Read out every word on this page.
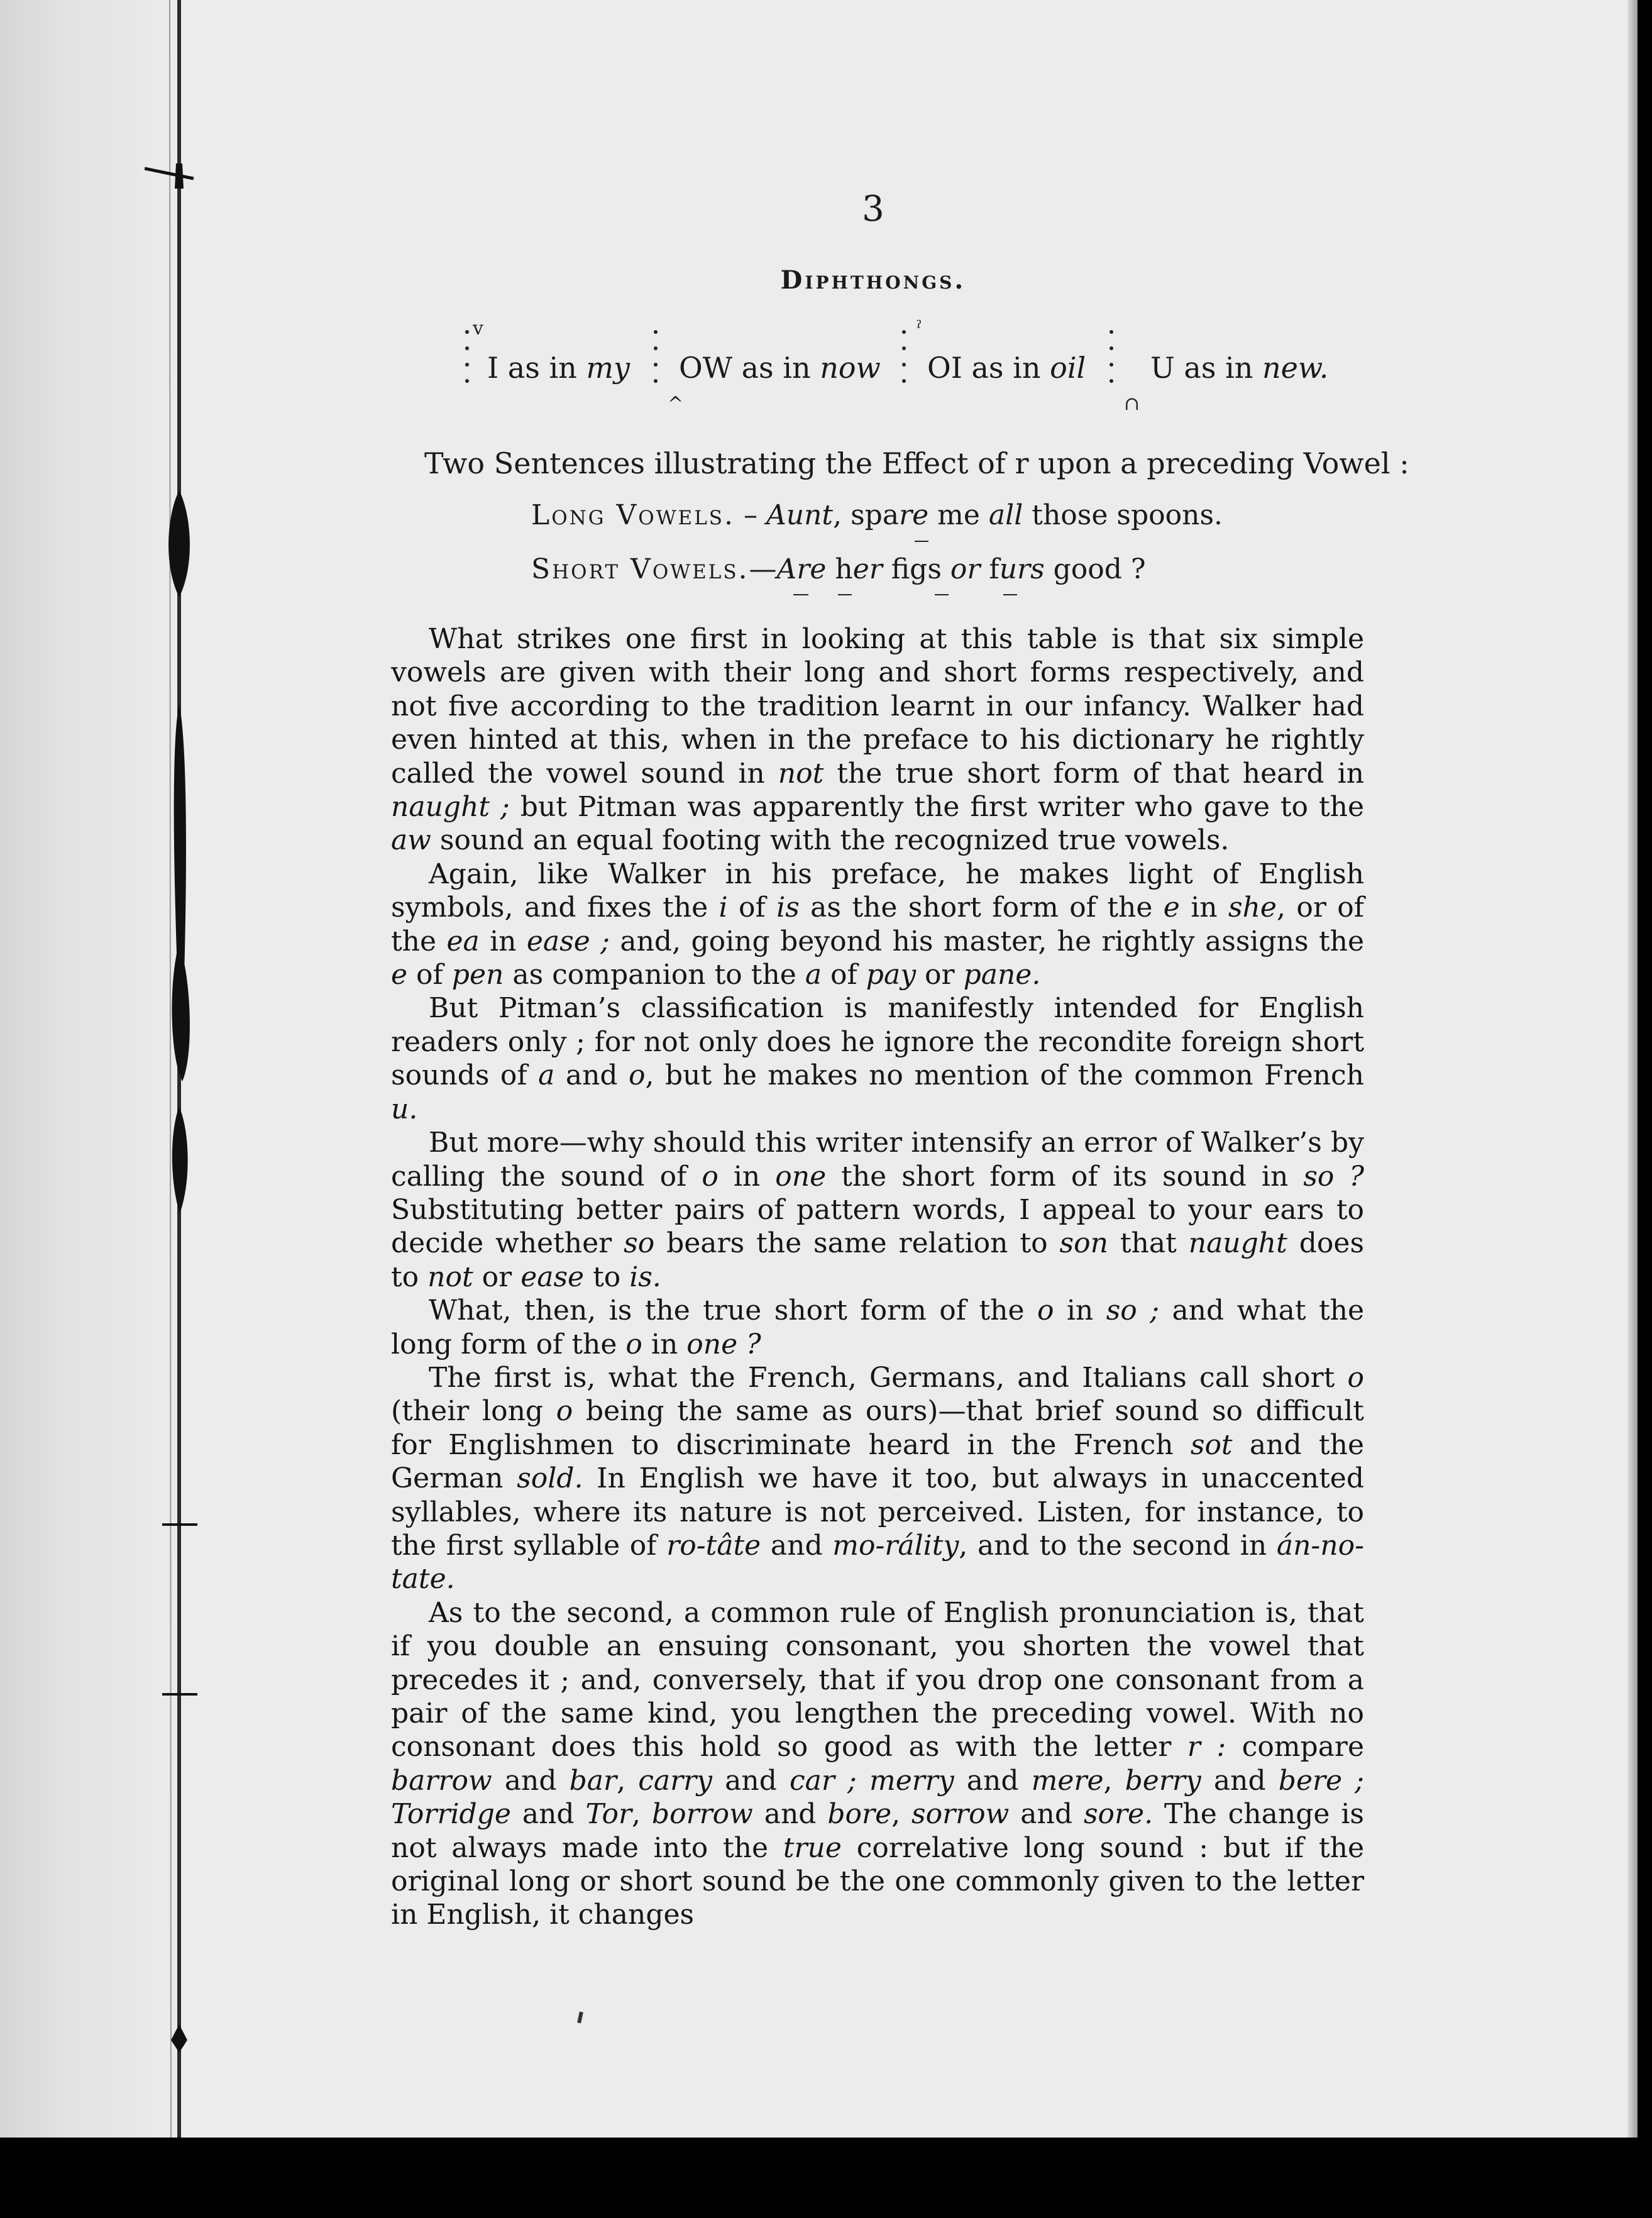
3
Diphthongs.
v
^
ˀ
∩
I as in my OW as in now OI as in oil U as in new.
Two Sentences illustrating the Effect of r upon a preceding Vowel :
Long Vowels. – Aunt, spare me all those spoons.
Short Vowels.—Are her figs or furs good ?

What strikes one first in looking at this table is that six simple vowels are given with their long and short forms respectively, and not five according to the tradition learnt in our infancy. Walker had even hinted at this, when in the preface to his dictionary he rightly called the vowel sound in not the true short form of that heard in naught ; but Pitman was apparently the first writer who gave to the aw sound an equal footing with the recognized true vowels.

Again, like Walker in his preface, he makes light of English symbols, and fixes the i of is as the short form of the e in she, or of the ea in ease ; and, going beyond his master, he rightly assigns the e of pen as companion to the a of pay or pane.

But Pitman’s classification is manifestly intended for English readers only ; for not only does he ignore the recondite foreign short sounds of a and o, but he makes no mention of the common French u.

But more—why should this writer intensify an error of Walker’s by calling the sound of o in one the short form of its sound in so ? Substituting better pairs of pattern words, I appeal to your ears to decide whether so bears the same relation to son that naught does to not or ease to is.

What, then, is the true short form of the o in so ; and what the long form of the o in one ?

The first is, what the French, Germans, and Italians call short o (their long o being the same as ours)—that brief sound so difficult for Englishmen to discriminate heard in the French sot and the German sold. In English we have it too, but always in unaccented syllables, where its nature is not perceived. Listen, for instance, to the first syllable of ro-tâte and mo-rálity, and to the second in án-no-tate.

As to the second, a common rule of English pronunciation is, that if you double an ensuing consonant, you shorten the vowel that precedes it ; and, conversely, that if you drop one consonant from a pair of the same kind, you lengthen the preceding vowel. With no consonant does this hold so good as with the letter r : compare barrow and bar, carry and car ; merry and mere, berry and bere ; Torridge and Tor, borrow and bore, sorrow and sore. The change is not always made into the true correlative long sound : but if the original long or short sound be the one commonly given to the letter in English, it changes
